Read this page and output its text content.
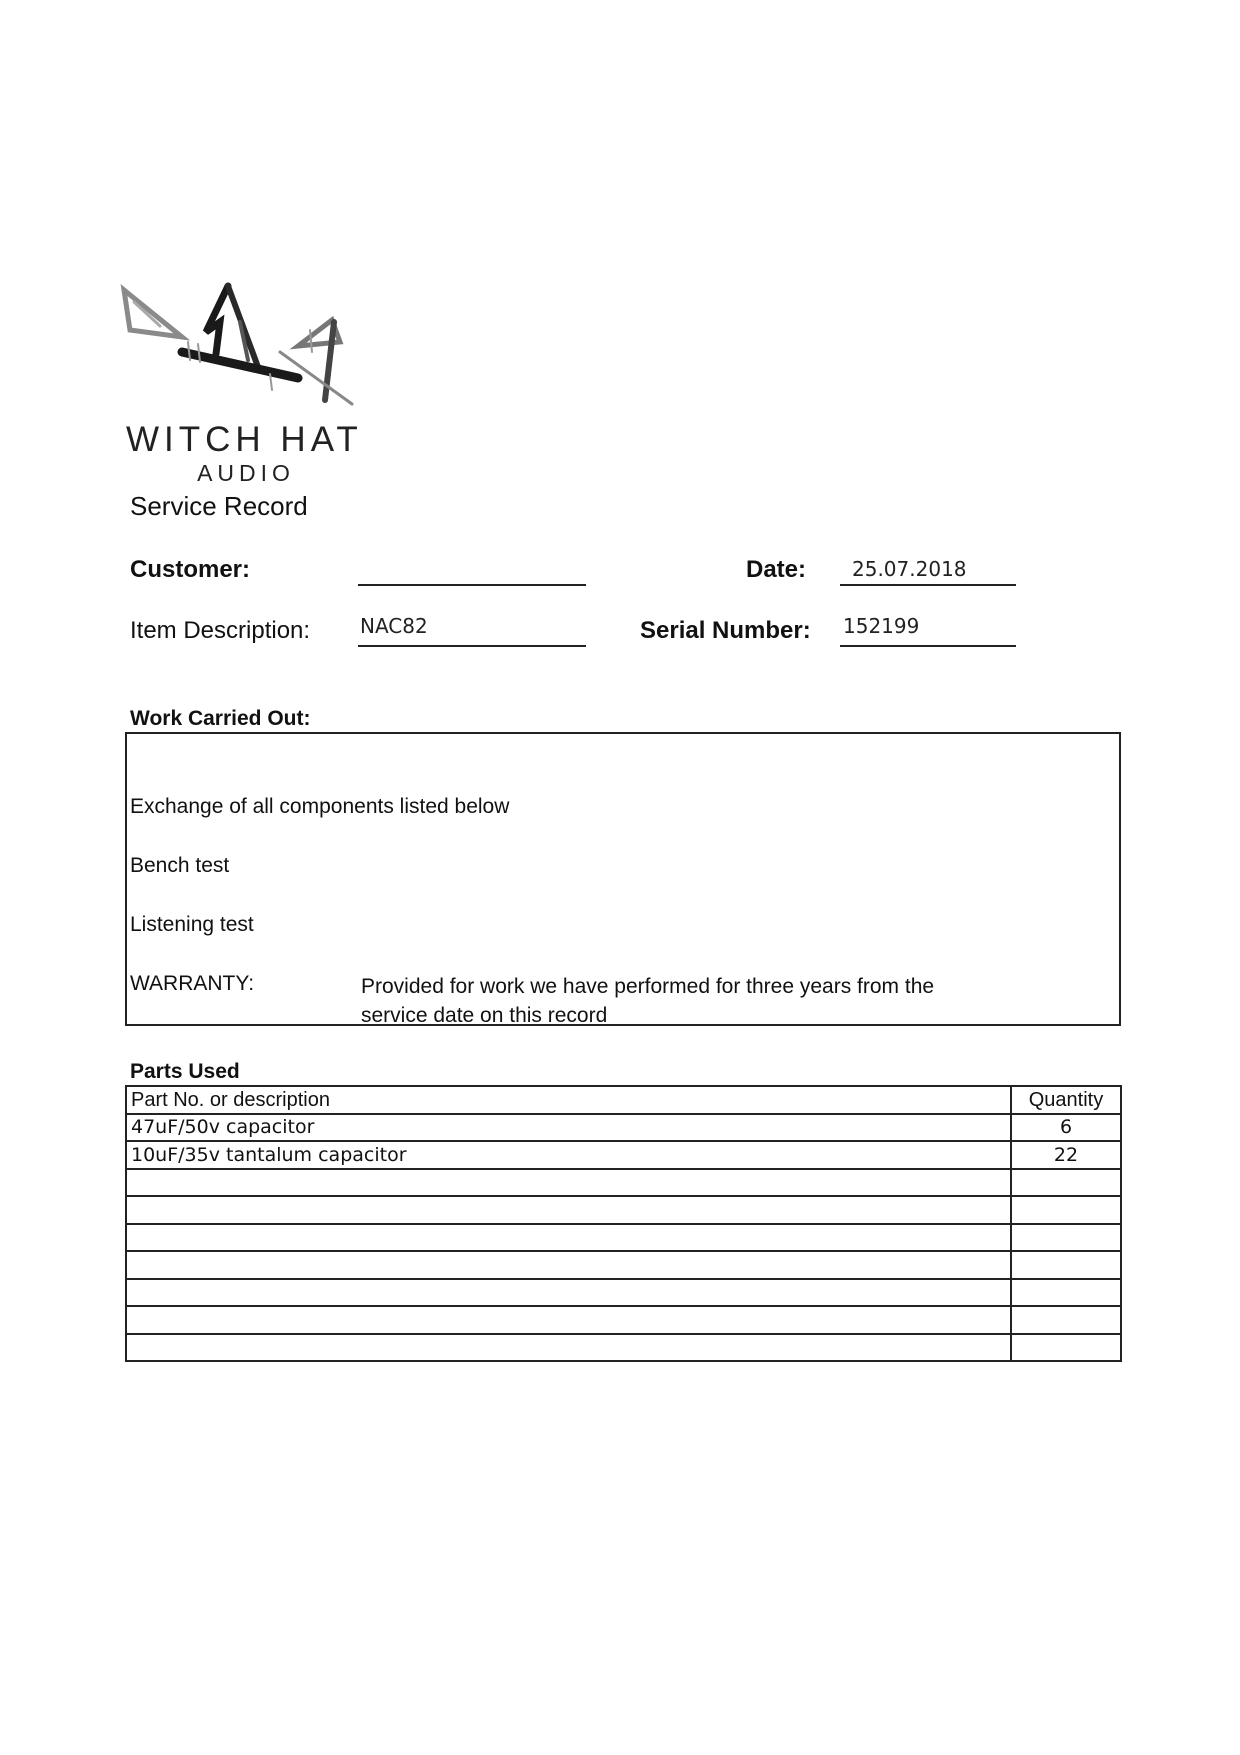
WITCH HAT
AUDIO
Service Record
Customer:	Date: 25.07.2018
Item Description: NAC82	Serial Number: 152199
Work Carried Out:
Exchange of all components listed below
Bench test
Listening test
WARRANTY:	Provided for work we have performed for three years from the service date on this record
Parts Used
Part No. or description	Quantity
47uF/50v capacitor	6
10uF/35v tantalum capacitor	22
